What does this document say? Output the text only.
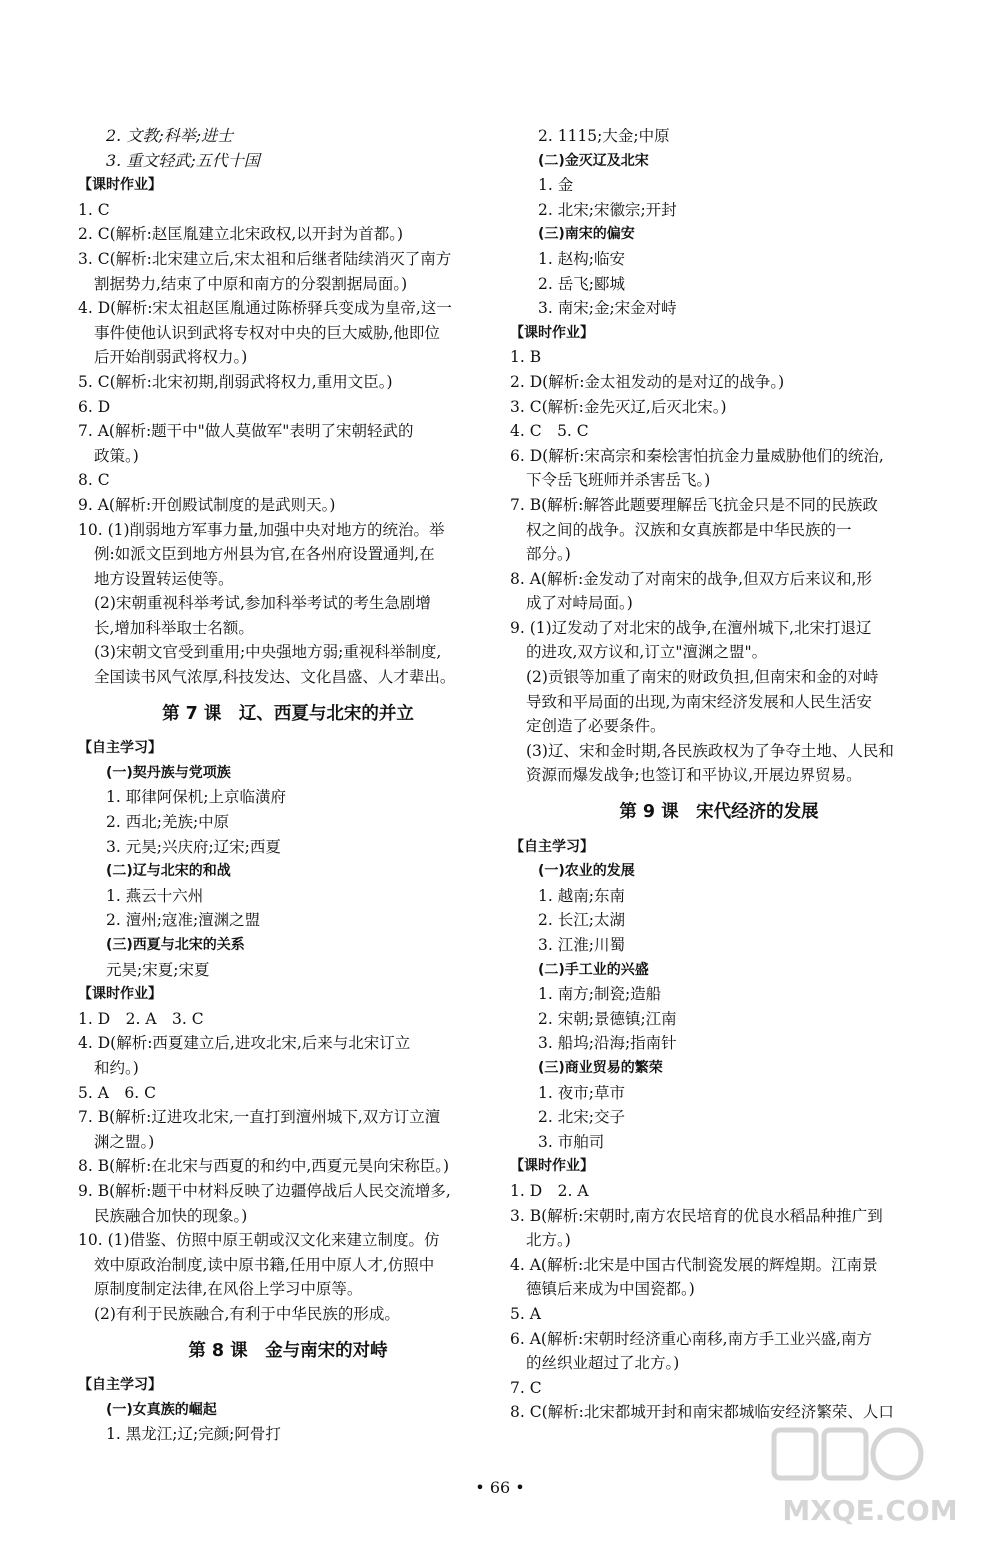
2. 文教;科举;进士
3. 重文轻武;五代十国
【课时作业】
1. C
2. C(解析:赵匡胤建立北宋政权,以开封为首都。)
3. C(解析:北宋建立后,宋太祖和后继者陆续消灭了南方
割据势力,结束了中原和南方的分裂割据局面。)
4. D(解析:宋太祖赵匡胤通过陈桥驿兵变成为皇帝,这一
事件使他认识到武将专权对中央的巨大威胁,他即位
后开始削弱武将权力。)
5. C(解析:北宋初期,削弱武将权力,重用文臣。)
6. D
7. A(解析:题干中"做人莫做军"表明了宋朝轻武的
政策。)
8. C
9. A(解析:开创殿试制度的是武则天。)
10. (1)削弱地方军事力量,加强中央对地方的统治。举
例:如派文臣到地方州县为官,在各州府设置通判,在
地方设置转运使等。
(2)宋朝重视科举考试,参加科举考试的考生急剧增
长,增加科举取士名额。
(3)宋朝文官受到重用;中央强地方弱;重视科举制度,
全国读书风气浓厚,科技发达、文化昌盛、人才辈出。
第 7 课　辽、西夏与北宋的并立
【自主学习】
(一)契丹族与党项族
1. 耶律阿保机;上京临潢府
2. 西北;羌族;中原
3. 元昊;兴庆府;辽宋;西夏
(二)辽与北宋的和战
1. 燕云十六州
2. 澶州;寇准;澶渊之盟
(三)西夏与北宋的关系
元昊;宋夏;宋夏
【课时作业】
1. D　2. A　3. C
4. D(解析:西夏建立后,进攻北宋,后来与北宋订立
和约。)
5. A　6. C
7. B(解析:辽进攻北宋,一直打到澶州城下,双方订立澶
渊之盟。)
8. B(解析:在北宋与西夏的和约中,西夏元昊向宋称臣。)
9. B(解析:题干中材料反映了边疆停战后人民交流增多,
民族融合加快的现象。)
10. (1)借鉴、仿照中原王朝或汉文化来建立制度。仿
效中原政治制度,读中原书籍,任用中原人才,仿照中
原制度制定法律,在风俗上学习中原等。
(2)有利于民族融合,有利于中华民族的形成。
第 8 课　金与南宋的对峙
【自主学习】
(一)女真族的崛起
1. 黑龙江;辽;完颜;阿骨打
2. 1115;大金;中原
(二)金灭辽及北宋
1. 金
2. 北宋;宋徽宗;开封
(三)南宋的偏安
1. 赵构;临安
2. 岳飞;郾城
3. 南宋;金;宋金对峙
【课时作业】
1. B
2. D(解析:金太祖发动的是对辽的战争。)
3. C(解析:金先灭辽,后灭北宋。)
4. C　5. C
6. D(解析:宋高宗和秦桧害怕抗金力量威胁他们的统治,
下令岳飞班师并杀害岳飞。)
7. B(解析:解答此题要理解岳飞抗金只是不同的民族政
权之间的战争。汉族和女真族都是中华民族的一
部分。)
8. A(解析:金发动了对南宋的战争,但双方后来议和,形
成了对峙局面。)
9. (1)辽发动了对北宋的战争,在澶州城下,北宋打退辽
的进攻,双方议和,订立"澶渊之盟"。
(2)贡银等加重了南宋的财政负担,但南宋和金的对峙
导致和平局面的出现,为南宋经济发展和人民生活安
定创造了必要条件。
(3)辽、宋和金时期,各民族政权为了争夺土地、人民和
资源而爆发战争;也签订和平协议,开展边界贸易。
第 9 课　宋代经济的发展
【自主学习】
(一)农业的发展
1. 越南;东南
2. 长江;太湖
3. 江淮;川蜀
(二)手工业的兴盛
1. 南方;制瓷;造船
2. 宋朝;景德镇;江南
3. 船坞;沿海;指南针
(三)商业贸易的繁荣
1. 夜市;草市
2. 北宋;交子
3. 市舶司
【课时作业】
1. D　2. A
3. B(解析:宋朝时,南方农民培育的优良水稻品种推广到
北方。)
4. A(解析:北宋是中国古代制瓷发展的辉煌期。江南景
德镇后来成为中国瓷都。)
5. A
6. A(解析:宋朝时经济重心南移,南方手工业兴盛,南方
的丝织业超过了北方。)
7. C
8. C(解析:北宋都城开封和南宋都城临安经济繁荣、人口
• 66 •
MXQE.COM
